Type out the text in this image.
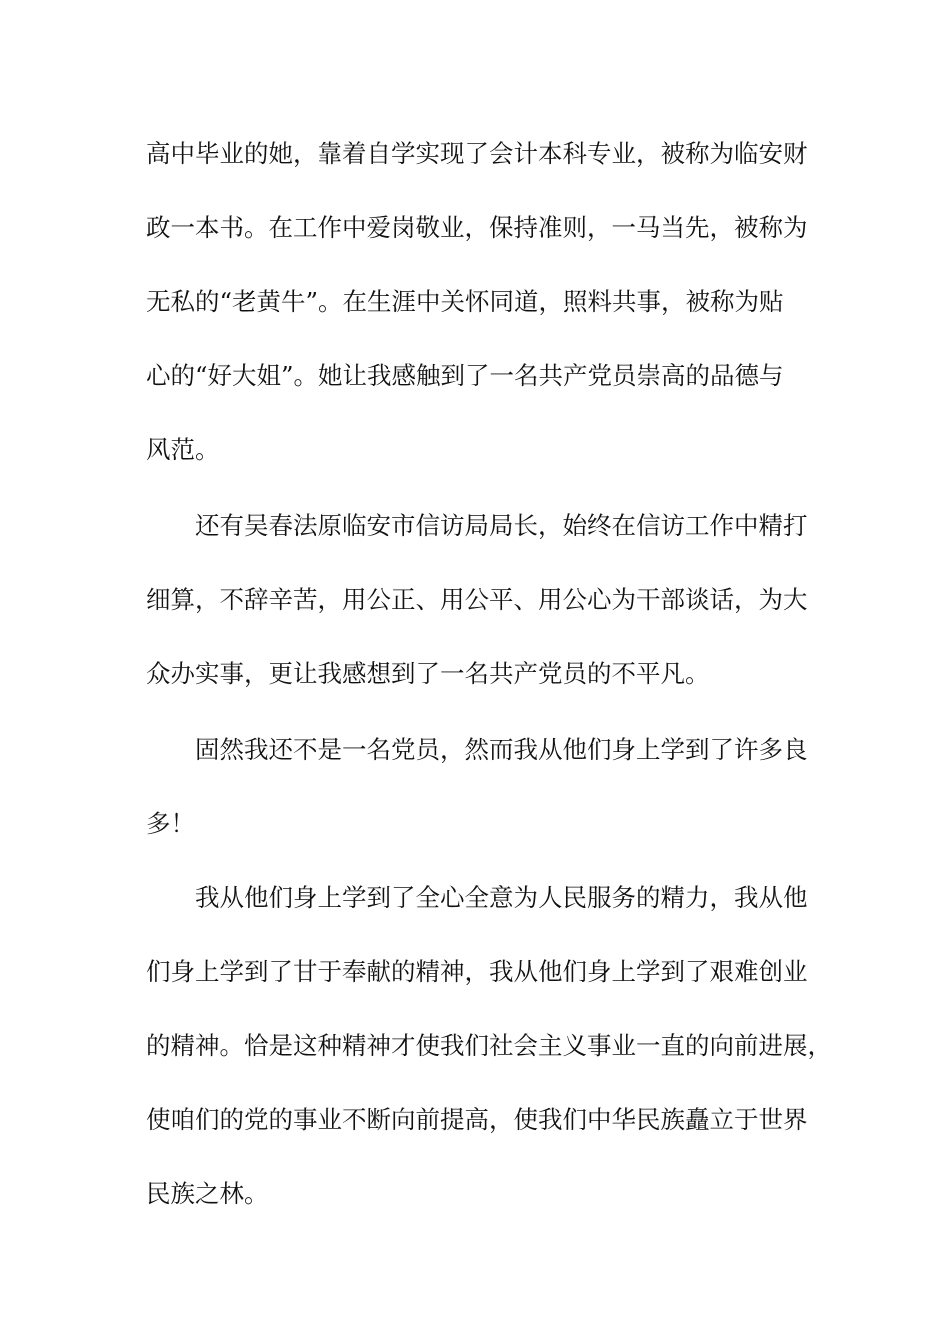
高中毕业的她，靠着自学实现了会计本科专业，被称为临安财

政一本书。在工作中爱岗敬业，保持准则，一马当先，被称为

无私的“老黄牛”。在生涯中关怀同道，照料共事，被称为贴

心的“好大姐”。她让我感触到了一名共产党员崇高的品德与

风范。

还有吴春法原临安市信访局局长，始终在信访工作中精打

细算，不辞辛苦，用公正、用公平、用公心为干部谈话，为大

众办实事，更让我感想到了一名共产党员的不平凡。

固然我还不是一名党员，然而我从他们身上学到了许多良

多！

我从他们身上学到了全心全意为人民服务的精力，我从他

们身上学到了甘于奉献的精神，我从他们身上学到了艰难创业

的精神。恰是这种精神才使我们社会主义事业一直的向前进展，

使咱们的党的事业不断向前提高，使我们中华民族矗立于世界

民族之林。
